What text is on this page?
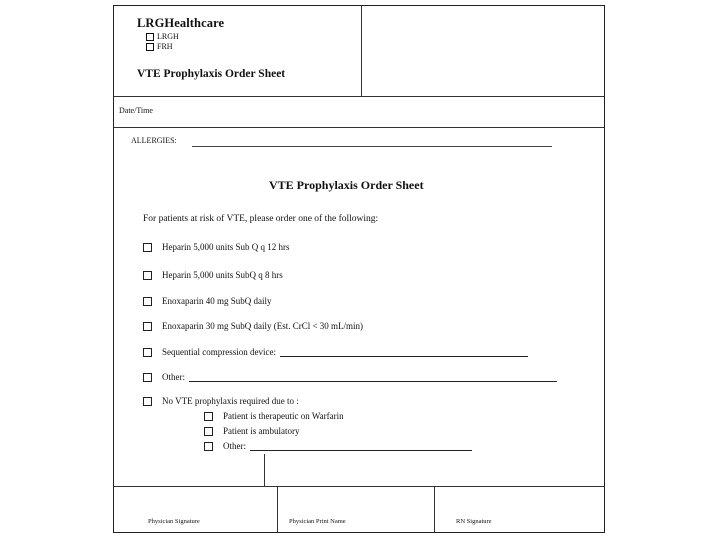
LRGHealthcare
LRGH
FRH
VTE Prophylaxis Order Sheet
Date/Time
ALLERGIES:
VTE Prophylaxis Order Sheet
For patients at risk of VTE, please order one of the following:
Heparin 5,000 units Sub Q q 12 hrs
Heparin 5,000 units SubQ q 8 hrs
Enoxaparin 40 mg SubQ daily
Enoxaparin 30 mg SubQ daily (Est. CrCl < 30 mL/min)
Sequential compression device:
Other:
No VTE prophylaxis required due to :
Patient is therapeutic on Warfarin
Patient is ambulatory
Other:
Physician Signature	Physician Print Name	RN Signature
